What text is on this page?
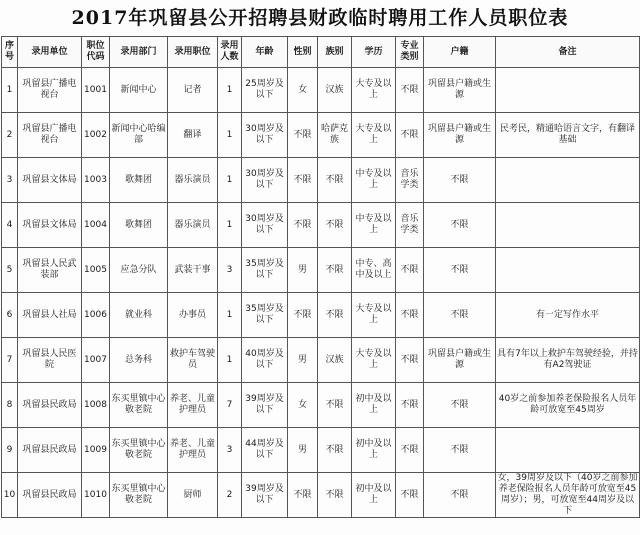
2017年巩留县公开招聘县财政临时聘用工作人员职位表
序号	录用单位	职位代码	录用部门	录用职位	录用人数	年龄	性别	族别	学历	专业类别	户籍	备注
1	巩留县广播电视台	1001	新闻中心	记者	1	25周岁及以下	女	汉族	大专及以上	不限	巩留县户籍或生源	
2	巩留县广播电视台	1002	新闻中心哈编部	翻译	1	30周岁及以下	不限	哈萨克族	大专及以上	不限	巩留县户籍或生源	民考民，精通哈语言文字，有翻译基础
3	巩留县文体局	1003	歌舞团	器乐演员	1	30周岁及以下	不限	不限	中专及以上	音乐学类	不限	
4	巩留县文体局	1004	歌舞团	器乐演员	1	30周岁及以下	不限	不限	中专及以上	音乐学类	不限	
5	巩留县人民武装部	1005	应急分队	武装干事	3	35周岁及以下	男	不限	中专、高中及以上	不限	不限	
6	巩留县人社局	1006	就业科	办事员	1	35周岁及以下	不限	不限	大专及以上	不限	不限	有一定写作水平
7	巩留县人民医院	1007	总务科	救护车驾驶员	1	40周岁及以下	男	汉族	大专及以上	不限	巩留县户籍或生源	具有7年以上救护车驾驶经验，并持有A2驾驶证
8	巩留县民政局	1008	东买里镇中心敬老院	养老、儿童护理员	7	39周岁及以下	女	不限	初中及以上	不限	不限	40岁之前参加养老保险报名人员年龄可放宽至45周岁
9	巩留县民政局	1009	东买里镇中心敬老院	养老、儿童护理员	3	44周岁及以下	男	不限	初中及以上	不限	不限	
10	巩留县民政局	1010	东买里镇中心敬老院	厨师	2	39周岁及以下	不限	不限	初中及以上	不限	不限	女，39周岁及以下（40岁之前参加养老保险报名人员年龄可放宽至45周岁）；男，可放宽至44周岁及以下
